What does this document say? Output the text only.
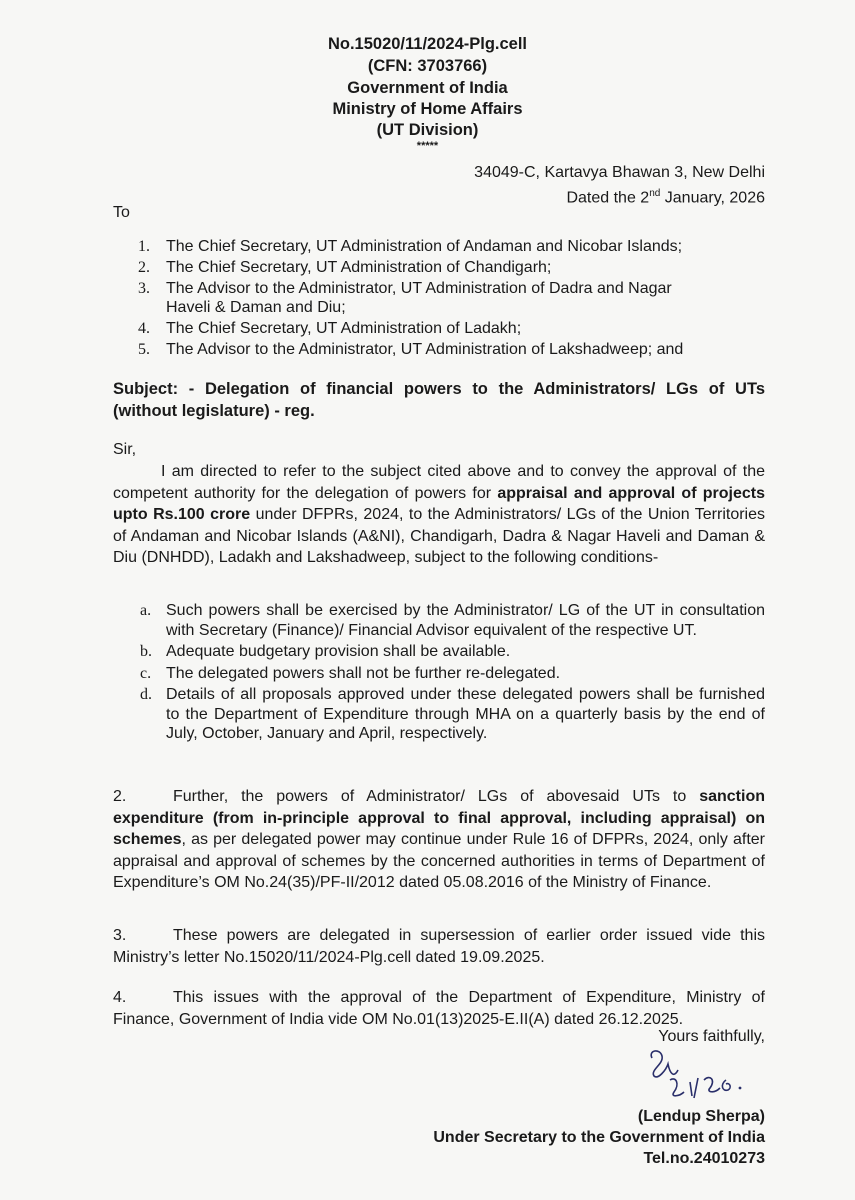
No.15020/11/2024-Plg.cell
(CFN: 3703766)
Government of India
Ministry of Home Affairs
(UT Division)
*****
34049-C, Kartavya Bhawan 3, New Delhi
Dated the 2nd January, 2026
To
1. The Chief Secretary, UT Administration of Andaman and Nicobar Islands;
2. The Chief Secretary, UT Administration of Chandigarh;
3. The Advisor to the Administrator, UT Administration of Dadra and Nagar Haveli & Daman and Diu;
4. The Chief Secretary, UT Administration of Ladakh;
5. The Advisor to the Administrator, UT Administration of Lakshadweep; and
Subject: - Delegation of financial powers to the Administrators/ LGs of UTs (without legislature) - reg.
Sir,
I am directed to refer to the subject cited above and to convey the approval of the competent authority for the delegation of powers for appraisal and approval of projects upto Rs.100 crore under DFPRs, 2024, to the Administrators/ LGs of the Union Territories of Andaman and Nicobar Islands (A&NI), Chandigarh, Dadra & Nagar Haveli and Daman & Diu (DNHDD), Ladakh and Lakshadweep, subject to the following conditions-
a. Such powers shall be exercised by the Administrator/ LG of the UT in consultation with Secretary (Finance)/ Financial Advisor equivalent of the respective UT.
b. Adequate budgetary provision shall be available.
c. The delegated powers shall not be further re-delegated.
d. Details of all proposals approved under these delegated powers shall be furnished to the Department of Expenditure through MHA on a quarterly basis by the end of July, October, January and April, respectively.
2.	Further, the powers of Administrator/ LGs of abovesaid UTs to sanction expenditure (from in-principle approval to final approval, including appraisal) on schemes, as per delegated power may continue under Rule 16 of DFPRs, 2024, only after appraisal and approval of schemes by the concerned authorities in terms of Department of Expenditure’s OM No.24(35)/PF-II/2012 dated 05.08.2016 of the Ministry of Finance.
3.	These powers are delegated in supersession of earlier order issued vide this Ministry’s letter No.15020/11/2024-Plg.cell dated 19.09.2025.
4.	This issues with the approval of the Department of Expenditure, Ministry of Finance, Government of India vide OM No.01(13)2025-E.II(A) dated 26.12.2025.
Yours faithfully,
(Lendup Sherpa)
Under Secretary to the Government of India
Tel.no.24010273
